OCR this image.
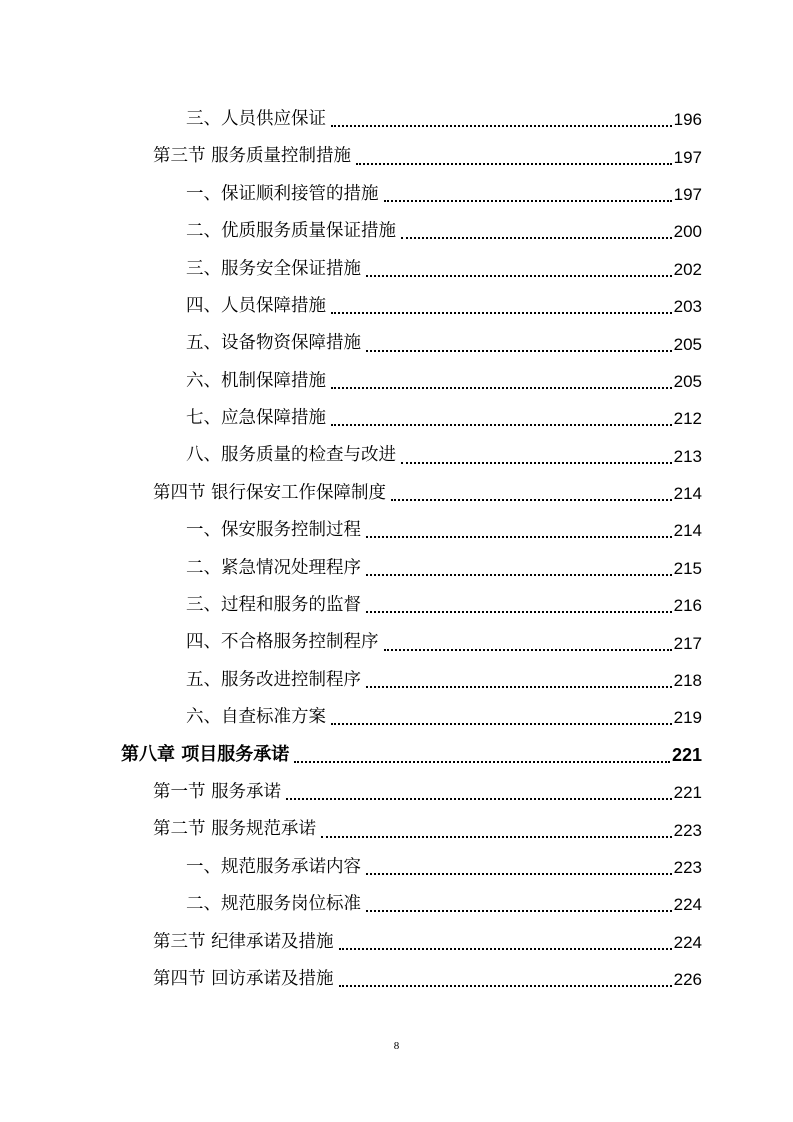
三、人员供应保证	196
第三节 服务质量控制措施	197
一、保证顺利接管的措施	197
二、优质服务质量保证措施	200
三、服务安全保证措施	202
四、人员保障措施	203
五、设备物资保障措施	205
六、机制保障措施	205
七、应急保障措施	212
八、服务质量的检查与改进	213
第四节 银行保安工作保障制度	214
一、保安服务控制过程	214
二、紧急情况处理程序	215
三、过程和服务的监督	216
四、不合格服务控制程序	217
五、服务改进控制程序	218
六、自查标准方案	219
第八章 项目服务承诺	221
第一节 服务承诺	221
第二节 服务规范承诺	223
一、规范服务承诺内容	223
二、规范服务岗位标准	224
第三节 纪律承诺及措施	224
第四节 回访承诺及措施	226
8
